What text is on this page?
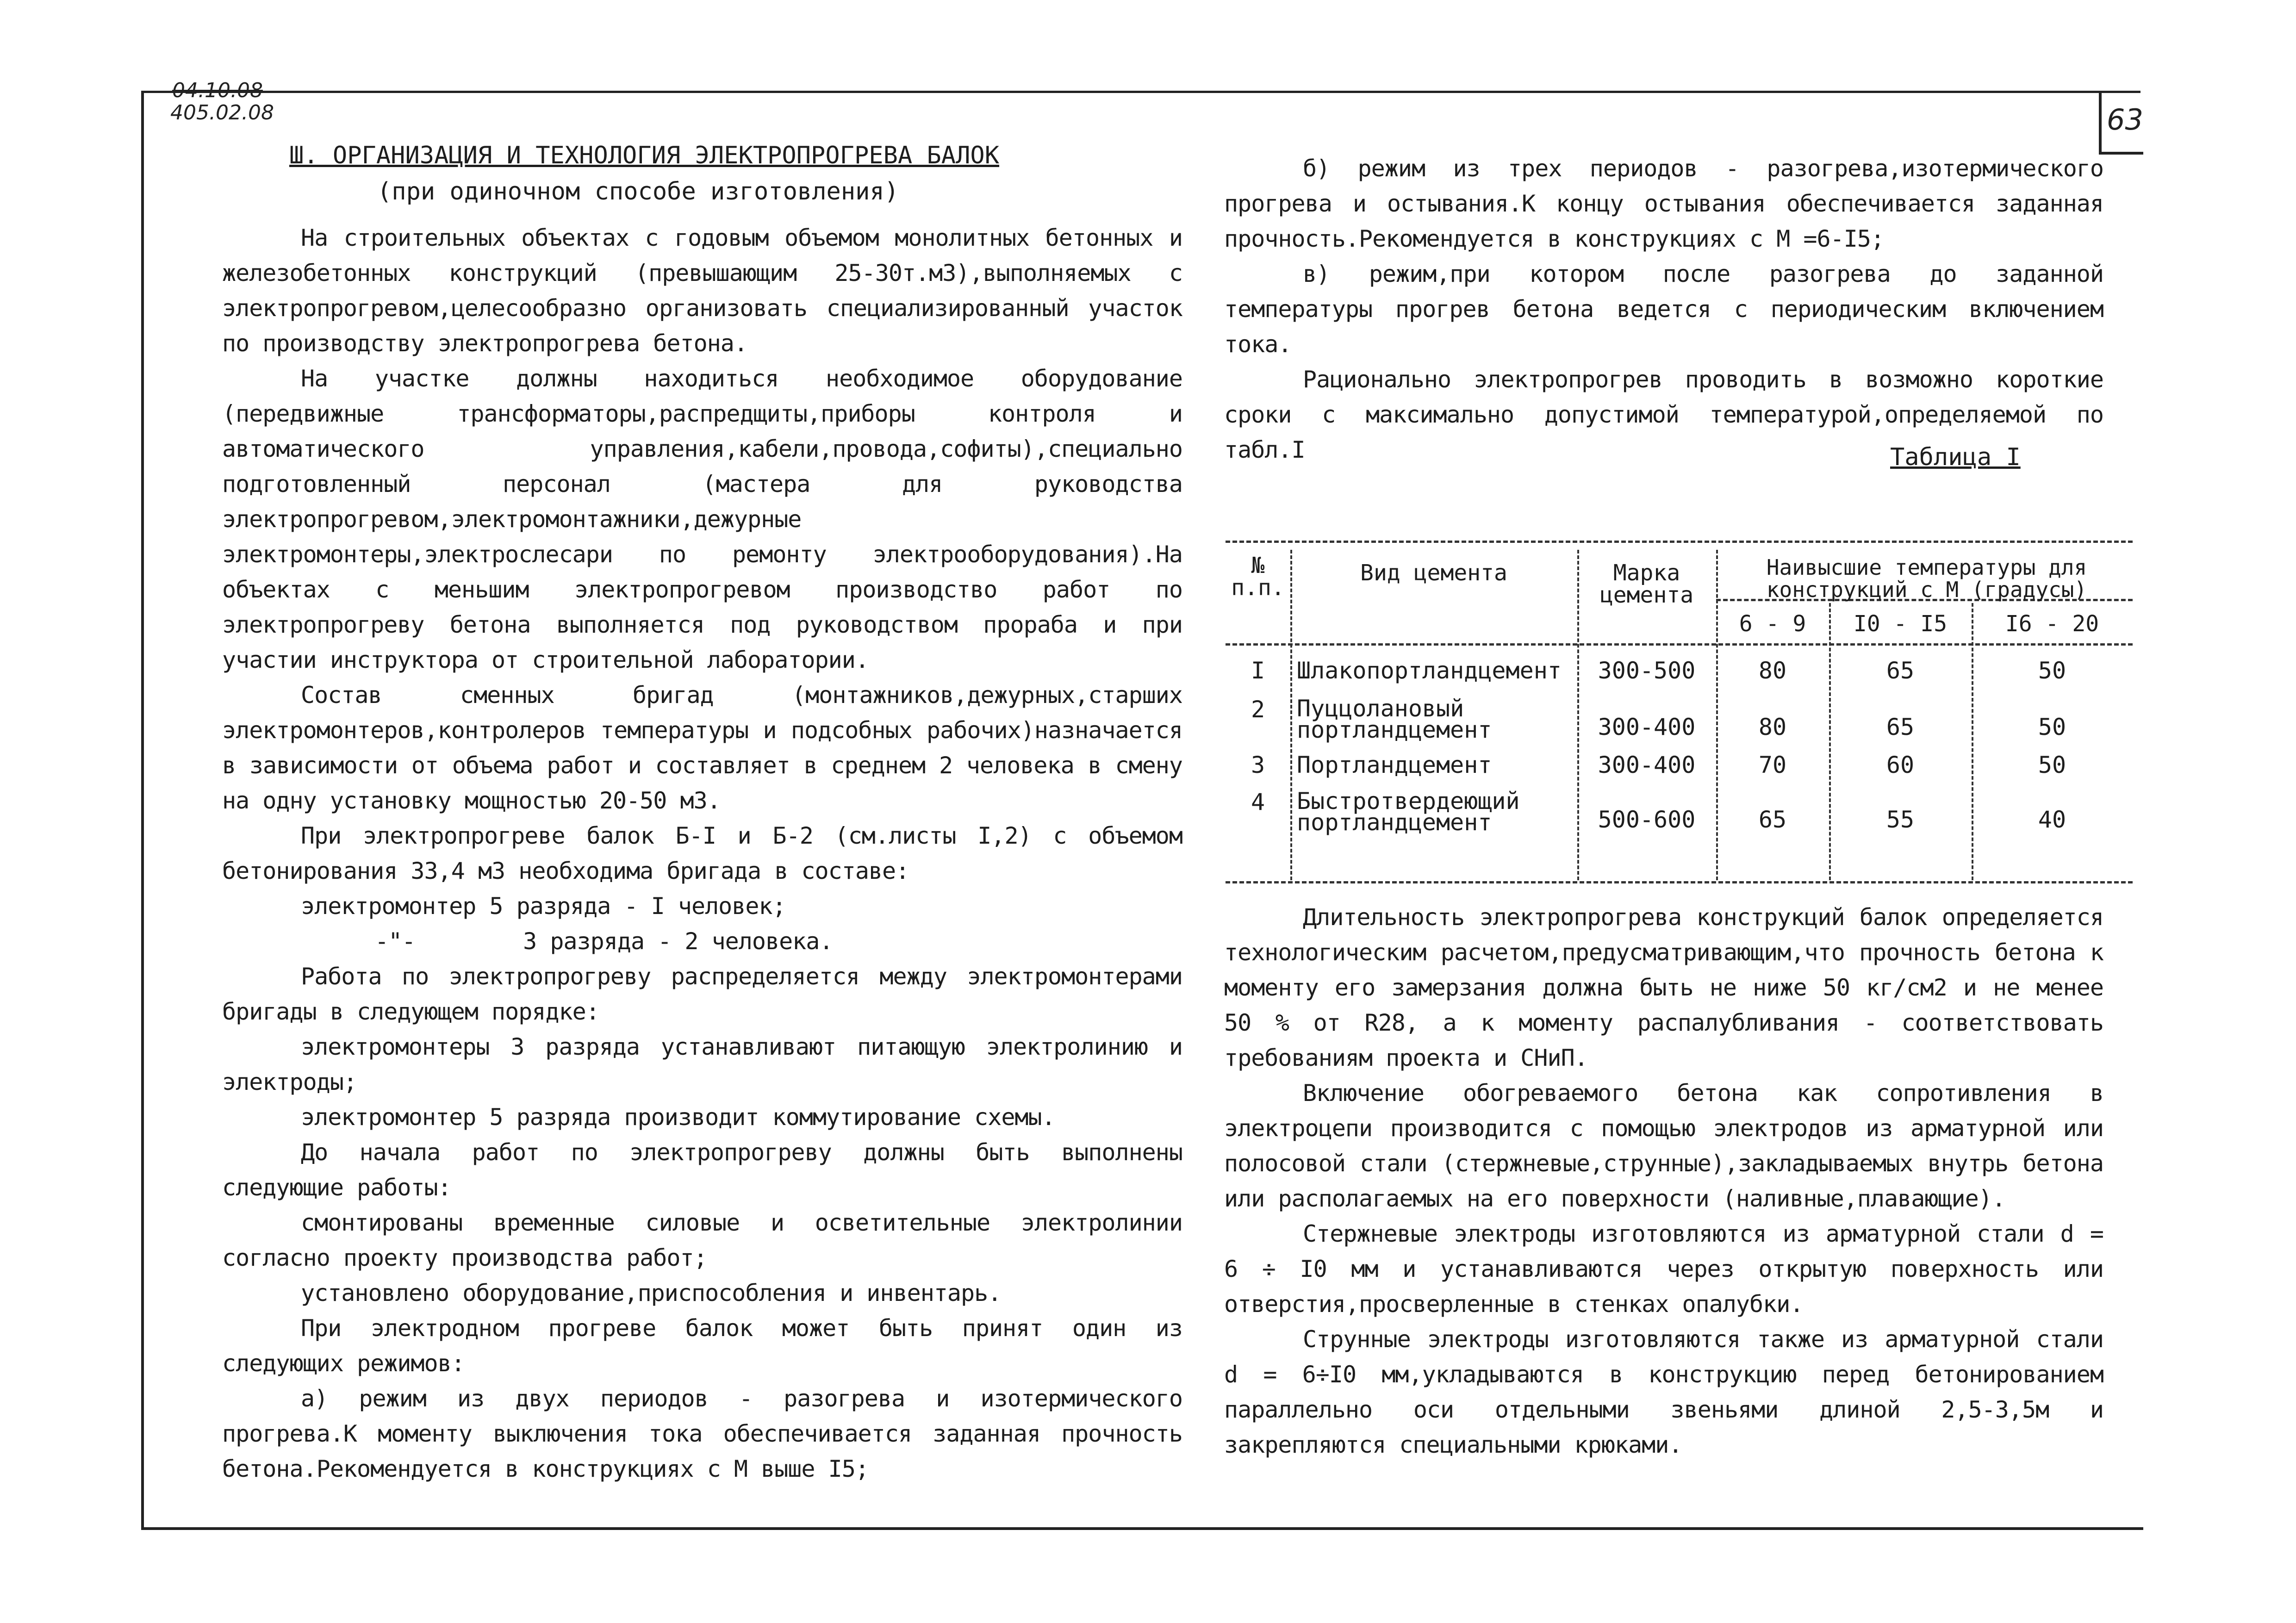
04.10.08
405.02.08	63
Ш. ОРГАНИЗАЦИЯ И ТЕХНОЛОГИЯ ЭЛЕКТРОПРОГРЕВА БАЛОК
(при одиночном способе изготовления)

На строительных объектах с годовым объемом монолитных бетонных и железобетонных конструкций (превышающим 25-30т.м3),выполняемых с электропрогревом,целесообразно организовать специализированный участок по производству электропрогрева бетона.

На участке должны находиться необходимое оборудование (передвижные трансформаторы,распредщиты,приборы контроля и автоматического управления,кабели,провода,софиты),специально подготовленный персонал (мастера для руководства электропрогревом,электромонтажники,дежурные электромонтеры,электрослесари по ремонту электрооборудования).На объектах с меньшим электропрогревом производство работ по электропрогреву бетона выполняется под руководством прораба и при участии инструктора от строительной лаборатории.

Состав сменных бригад (монтажников,дежурных,старших электромонтеров,контролеров температуры и подсобных рабочих)назначается в зависимости от объема работ и составляет в среднем 2 человека в смену на одну установку мощностью 20-50 м3.

При электропрогреве балок Б-I и Б-2 (см.листы I,2) с объемом бетонирования 33,4 м3 необходима бригада в составе:

электромонтер 5 разряда - I человек;

-"-        3 разряда - 2 человека.

Работа по электропрогреву распределяется между электромонтерами бригады в следующем порядке:

электромонтеры 3 разряда устанавливают питающую электролинию и электроды;

электромонтер 5 разряда производит коммутирование схемы.

До начала работ по электропрогреву должны быть выполнены следующие работы:

смонтированы временные силовые и осветительные электролинии согласно проекту производства работ;

установлено оборудование,приспособления и инвентарь.

При электродном прогреве балок может быть принят один из следующих режимов:

а) режим из двух периодов - разогрева и изотермического прогрева.К моменту выключения тока обеспечивается заданная прочность бетона.Рекомендуется в конструкциях с М выше I5;

б) режим из трех периодов - разогрева,изотермического прогрева и остывания.К концу остывания обеспечивается заданная прочность.Рекомендуется в конструкциях с М =6-I5;

в) режим,при котором после разогрева до заданной температуры прогрев бетона ведется с периодическим включением тока.

Рационально электропрогрев проводить в возможно короткие сроки с максимально допустимой температурой,определяемой по табл.I	Таблица I
№ п.п.
Вид цемента	Марка цемента
Наивысшие температуры для конструкций с М (градусы)
6 - 9	I0 - I5	I6 - 20
I	Шлакопортландцемент	300-500	80	65	50
2	Пуццолановый портландцемент	300-400	80	65	50
3	Портландцемент	300-400	70	60	50
4	Быстротвердеющий портландцемент	500-600	65	55	40

Длительность электропрогрева конструкций балок определяется технологическим расчетом,предусматривающим,что прочность бетона к моменту его замерзания должна быть не ниже 50 кг/см2 и не менее 50 % от R28, а к моменту распалубливания - соответствовать требованиям проекта и СНиП.

Включение обогреваемого бетона как сопротивления в электроцепи производится с помощью электродов из арматурной или полосовой стали (стержневые,струнные),закладываемых внутрь бетона или располагаемых на его поверхности (наливные,плавающие).

Стержневые электроды изготовляются из арматурной стали d = 6 ÷ I0 мм и устанавливаются через открытую поверхность или отверстия,просверленные в стенках опалубки.

Струнные электроды изготовляются также из арматурной стали d = 6÷I0 мм,укладываются в конструкцию перед бетонированием параллельно оси отдельными звеньями длиной 2,5-3,5м и закрепляются специальными крюками.
